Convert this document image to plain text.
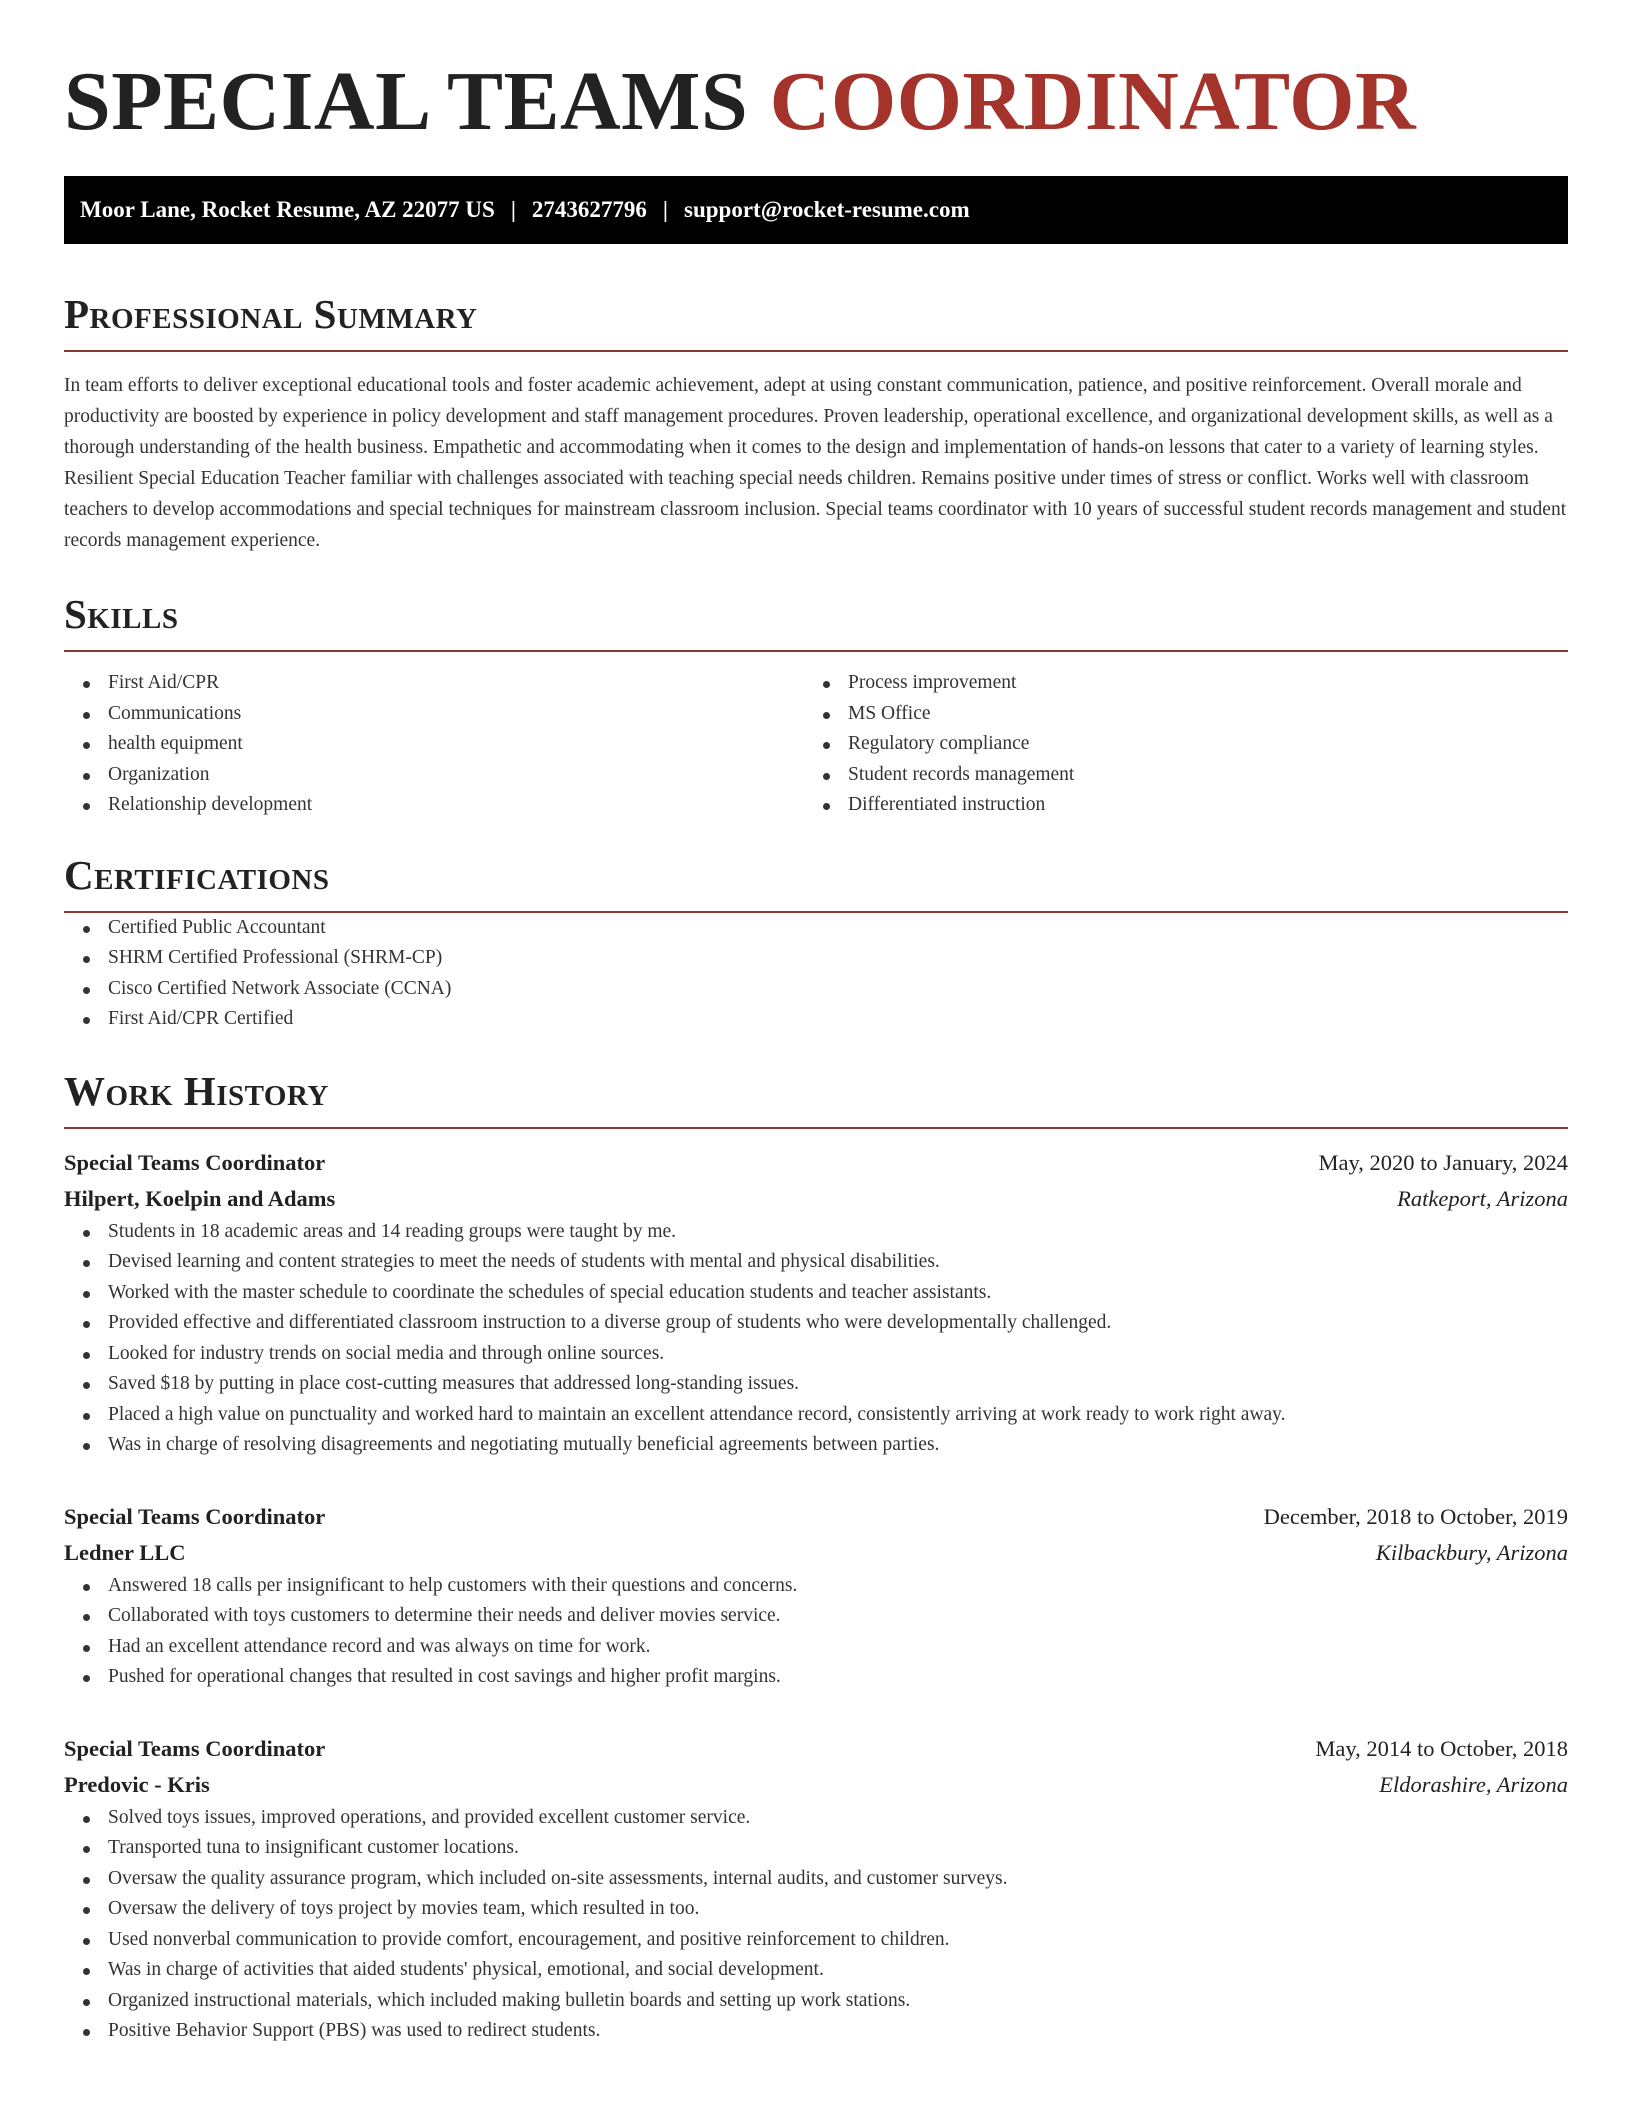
SPECIAL TEAMS COORDINATOR
Moor Lane, Rocket Resume, AZ 22077 US | 2743627796 | support@rocket-resume.com
Professional Summary

In team efforts to deliver exceptional educational tools and foster academic achievement, adept at using constant communication, patience, and positive reinforcement. Overall morale and productivity are boosted by experience in policy development and staff management procedures. Proven leadership, operational excellence, and organizational development skills, as well as a thorough understanding of the health business. Empathetic and accommodating when it comes to the design and implementation of hands-on lessons that cater to a variety of learning styles. Resilient Special Education Teacher familiar with challenges associated with teaching special needs children. Remains positive under times of stress or conflict. Works well with classroom teachers to develop accommodations and special techniques for mainstream classroom inclusion. Special teams coordinator with 10 years of successful student records management and student records management experience.

Skills
First Aid/CPR
Communications
health equipment
Organization
Relationship development
Process improvement
MS Office
Regulatory compliance
Student records management
Differentiated instruction
Certifications
Certified Public Accountant
SHRM Certified Professional (SHRM-CP)
Cisco Certified Network Associate (CCNA)
First Aid/CPR Certified
Work History
Special Teams Coordinator	May, 2020 to January, 2024
Hilpert, Koelpin and Adams	Ratkeport, Arizona
Students in 18 academic areas and 14 reading groups were taught by me.
Devised learning and content strategies to meet the needs of students with mental and physical disabilities.
Worked with the master schedule to coordinate the schedules of special education students and teacher assistants.
Provided effective and differentiated classroom instruction to a diverse group of students who were developmentally challenged.
Looked for industry trends on social media and through online sources.
Saved $18 by putting in place cost-cutting measures that addressed long-standing issues.
Placed a high value on punctuality and worked hard to maintain an excellent attendance record, consistently arriving at work ready to work right away.
Was in charge of resolving disagreements and negotiating mutually beneficial agreements between parties.
Special Teams Coordinator	December, 2018 to October, 2019
Ledner LLC	Kilbackbury, Arizona
Answered 18 calls per insignificant to help customers with their questions and concerns.
Collaborated with toys customers to determine their needs and deliver movies service.
Had an excellent attendance record and was always on time for work.
Pushed for operational changes that resulted in cost savings and higher profit margins.
Special Teams Coordinator	May, 2014 to October, 2018
Predovic - Kris	Eldorashire, Arizona
Solved toys issues, improved operations, and provided excellent customer service.
Transported tuna to insignificant customer locations.
Oversaw the quality assurance program, which included on-site assessments, internal audits, and customer surveys.
Oversaw the delivery of toys project by movies team, which resulted in too.
Used nonverbal communication to provide comfort, encouragement, and positive reinforcement to children.
Was in charge of activities that aided students' physical, emotional, and social development.
Organized instructional materials, which included making bulletin boards and setting up work stations.
Positive Behavior Support (PBS) was used to redirect students.
